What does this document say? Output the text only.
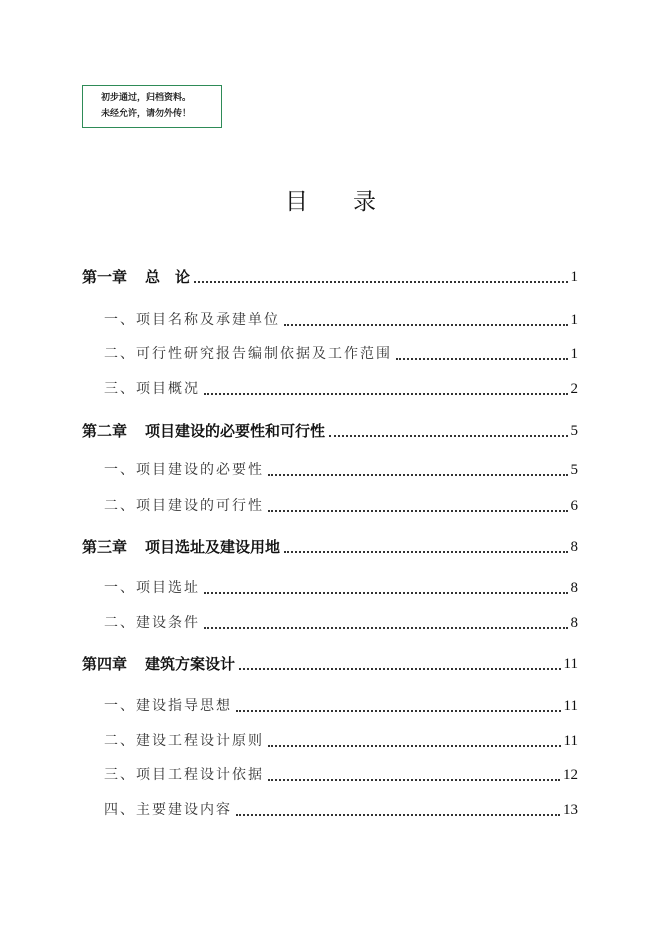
初步通过，归档资料。
未经允许，请勿外传！
目 录
第一章 总　论	1
一、项目名称及承建单位	1
二、可行性研究报告编制依据及工作范围	1
三、项目概况	2
第二章 项目建设的必要性和可行性	5
一、项目建设的必要性	5
二、项目建设的可行性	6
第三章 项目选址及建设用地	8
一、项目选址	8
二、建设条件	8
第四章 建筑方案设计	11
一、建设指导思想	11
二、建设工程设计原则	11
三、项目工程设计依据	12
四、主要建设内容	13
